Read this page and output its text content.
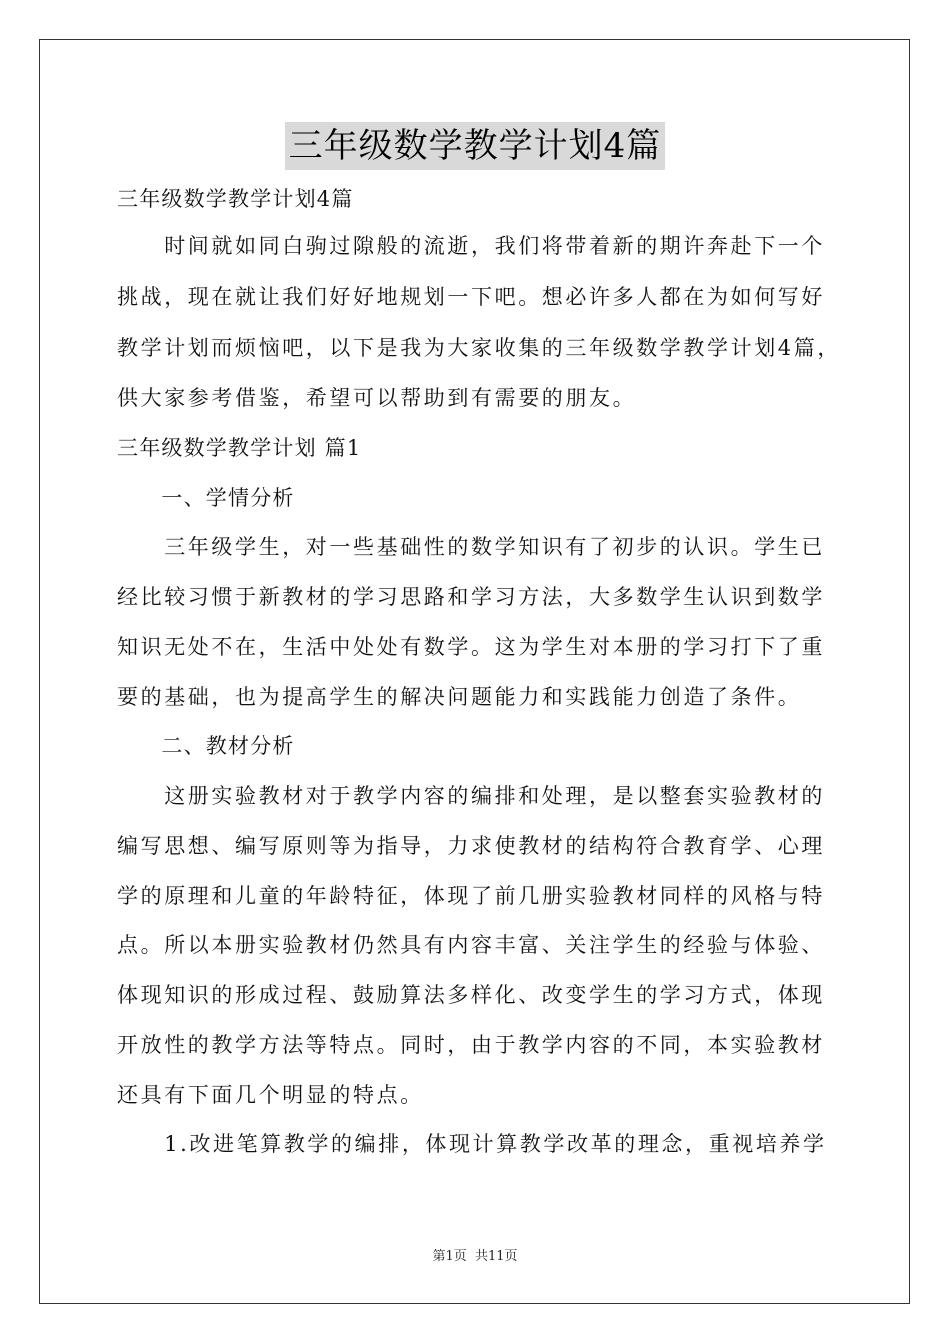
三年级数学教学计划4篇
三年级数学教学计划4篇
　　时间就如同白驹过隙般的流逝，我们将带着新的期许奔赴下一个
挑战，现在就让我们好好地规划一下吧。想必许多人都在为如何写好
教学计划而烦恼吧，以下是我为大家收集的三年级数学教学计划4篇，
供大家参考借鉴，希望可以帮助到有需要的朋友。
三年级数学教学计划 篇1
　　一、学情分析
　　三年级学生，对一些基础性的数学知识有了初步的认识。学生已
经比较习惯于新教材的学习思路和学习方法，大多数学生认识到数学
知识无处不在，生活中处处有数学。这为学生对本册的学习打下了重
要的基础，也为提高学生的解决问题能力和实践能力创造了条件。
　　二、教材分析
　　这册实验教材对于教学内容的编排和处理，是以整套实验教材的
编写思想、编写原则等为指导，力求使教材的结构符合教育学、心理
学的原理和儿童的年龄特征，体现了前几册实验教材同样的风格与特
点。所以本册实验教材仍然具有内容丰富、关注学生的经验与体验、
体现知识的形成过程、鼓励算法多样化、改变学生的学习方式，体现
开放性的教学方法等特点。同时，由于教学内容的不同，本实验教材
还具有下面几个明显的特点。
　　1.改进笔算教学的编排，体现计算教学改革的理念，重视培养学
第1页 共11页
